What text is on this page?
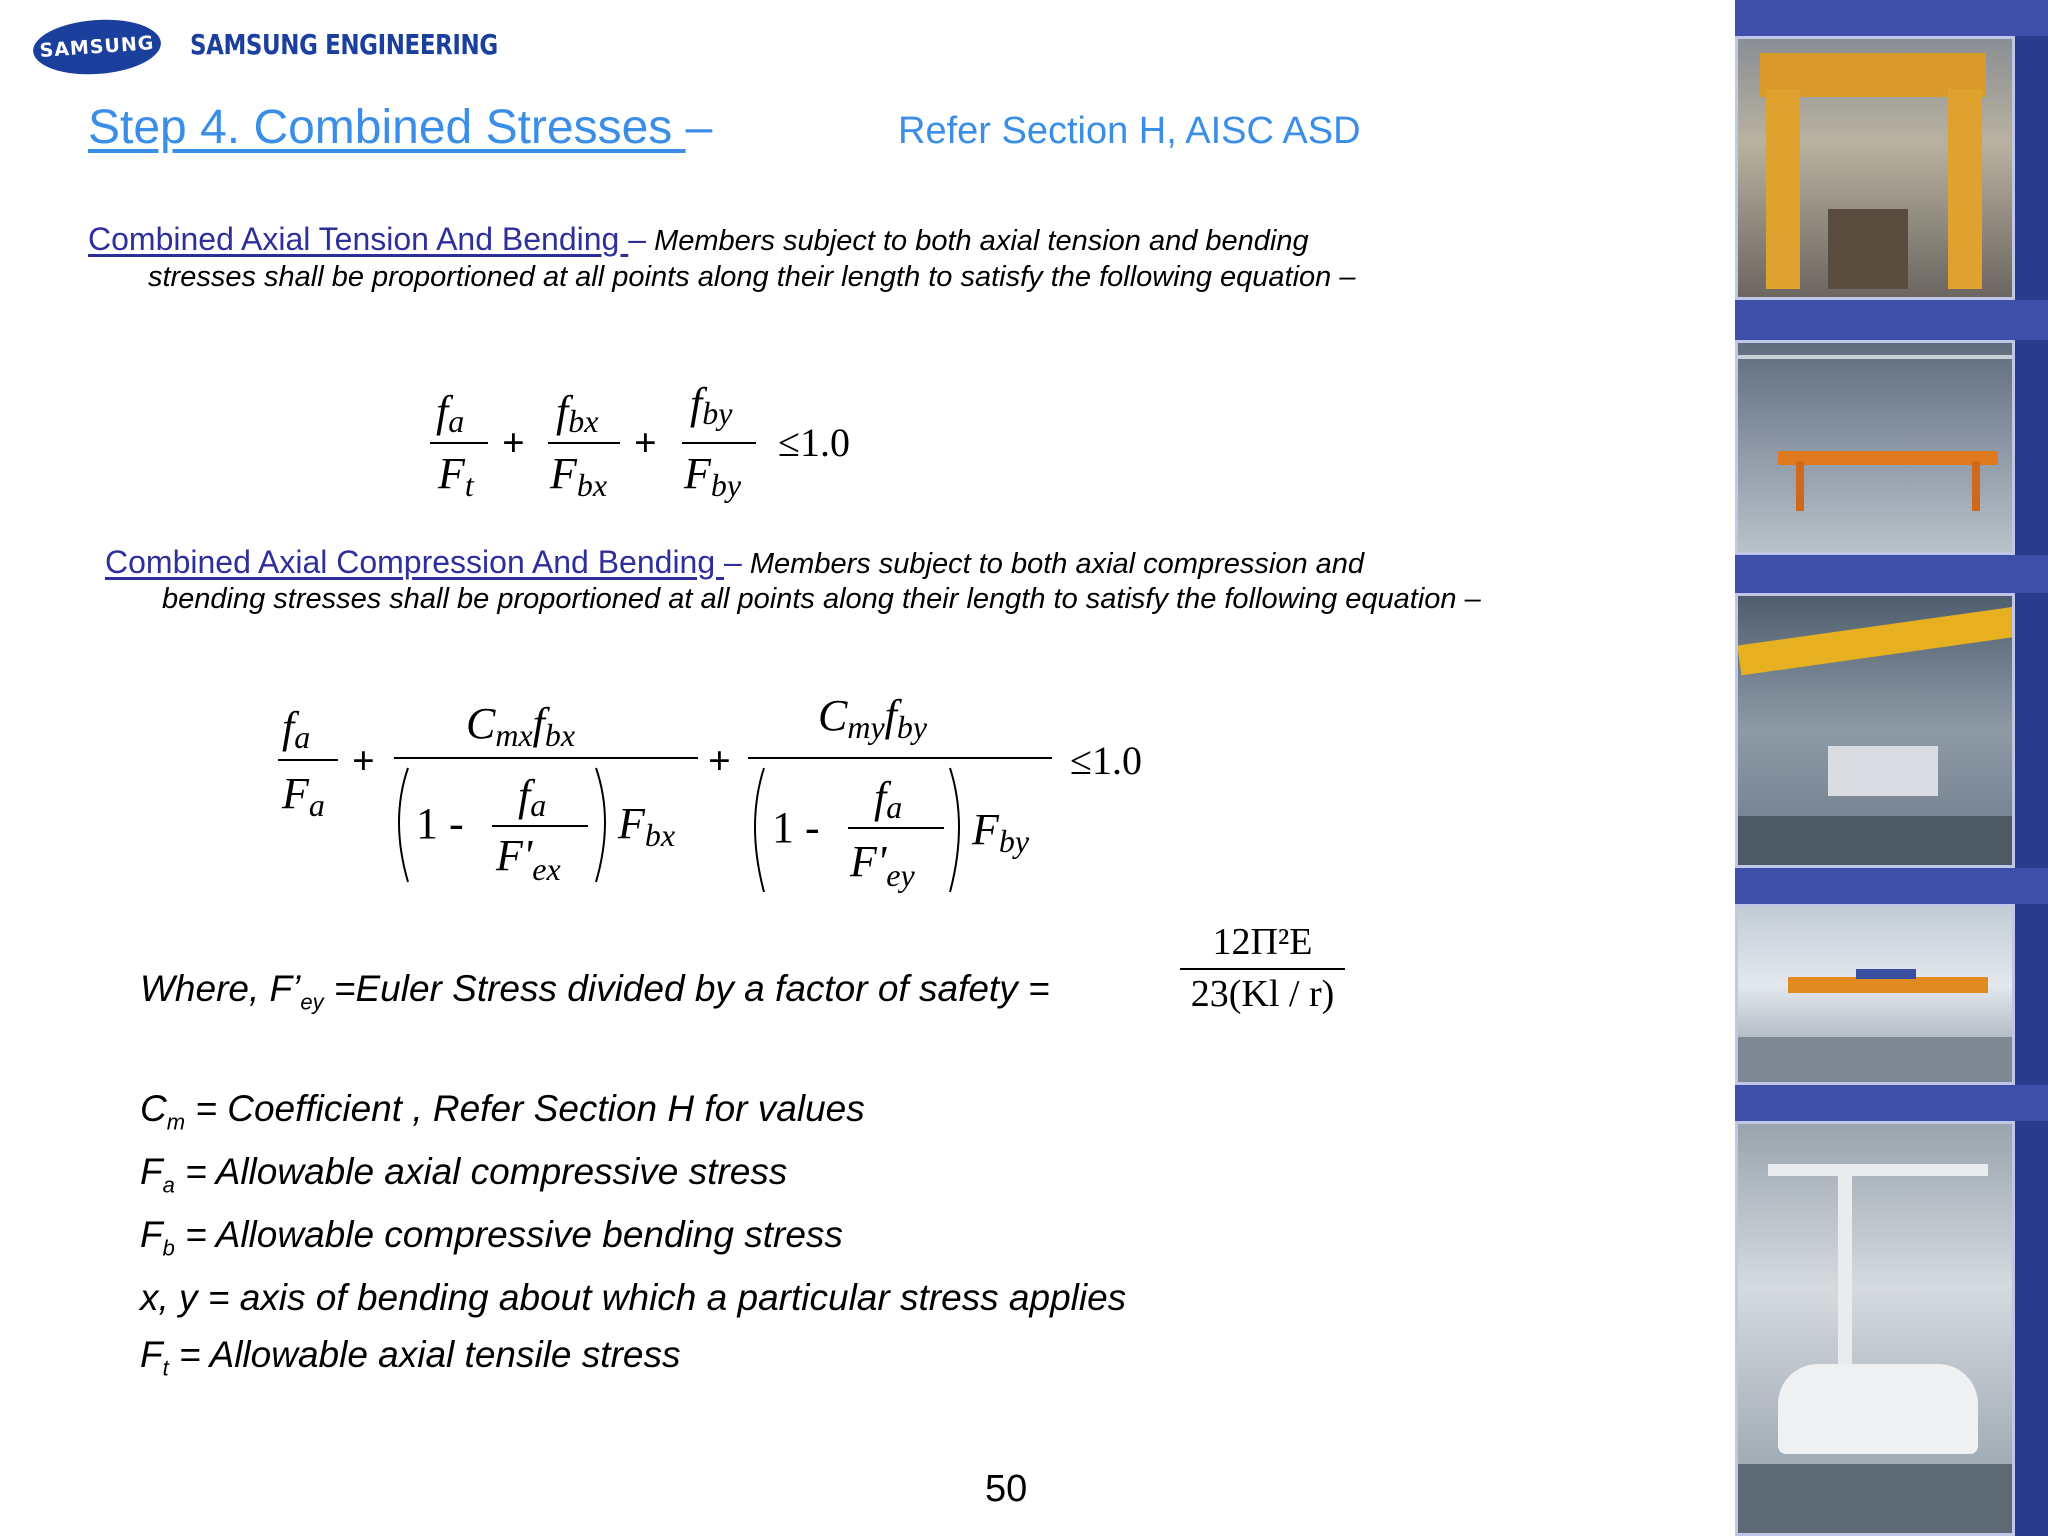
SAMSUNG SAMSUNG ENGINEERING
Step 4. Combined Stresses –	Refer Section H, AISC ASD
Combined Axial Tension And Bending – Members subject to both axial tension and bending
stresses shall be proportioned at all points along their length to satisfy the following equation –
fa
Ft
+
fbx
Fbx
+
fby
Fby
≤1.0
Combined Axial Compression And Bending – Members subject to both axial compression and
bending stresses shall be proportioned at all points along their length to satisfy the following equation –
fa
Fa
+
Cmxfbx
1 -
fa
$F'_{ex}$
Fbx
+
Cmyfby
1 -
fa
$F'_{ey}$
Fby
≤1.0
Where, $F’_{ey}$ =Euler Stress divided by a factor of safety =	$\frac{\text{12Π²E}}{23(Kl / r)}$
$C_m$ = Coefficient , Refer Section H for values
$F_a$ = Allowable axial compressive stress
$F_b$ = Allowable compressive bending stress
x, y = axis of bending about which a particular stress applies
$F_t$ = Allowable axial tensile stress
50
